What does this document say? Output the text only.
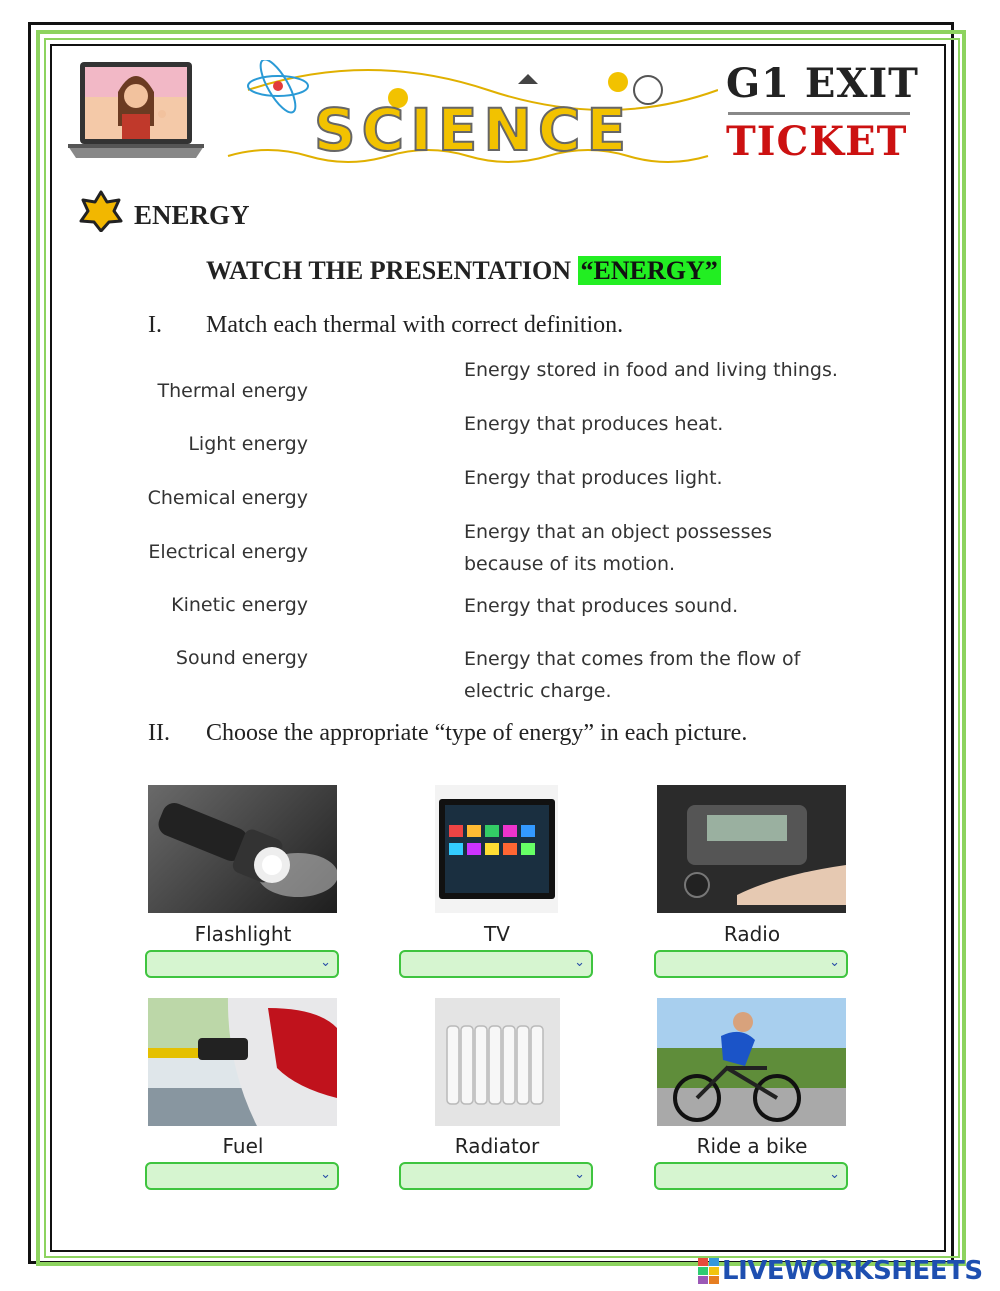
SCIENCE
G1 EXIT
TICKET
ENERGY
WATCH THE PRESENTATION “ENERGY”
I. Match each thermal with correct definition.
Thermal energy
Light energy
Chemical energy
Electrical energy
Kinetic energy
Sound energy
Energy stored in food and living things.
Energy that produces heat.
Energy that produces light.
Energy that an object possesses because of its motion.
Energy that produces sound.
Energy that comes from the flow of electric charge.
II. Choose the appropriate “type of energy” in each picture.
Flashlight	TV	Radio
⌄	⌄	⌄
Fuel	Radiator	Ride a bike
⌄	⌄	⌄
LIVEWORKSHEETS
